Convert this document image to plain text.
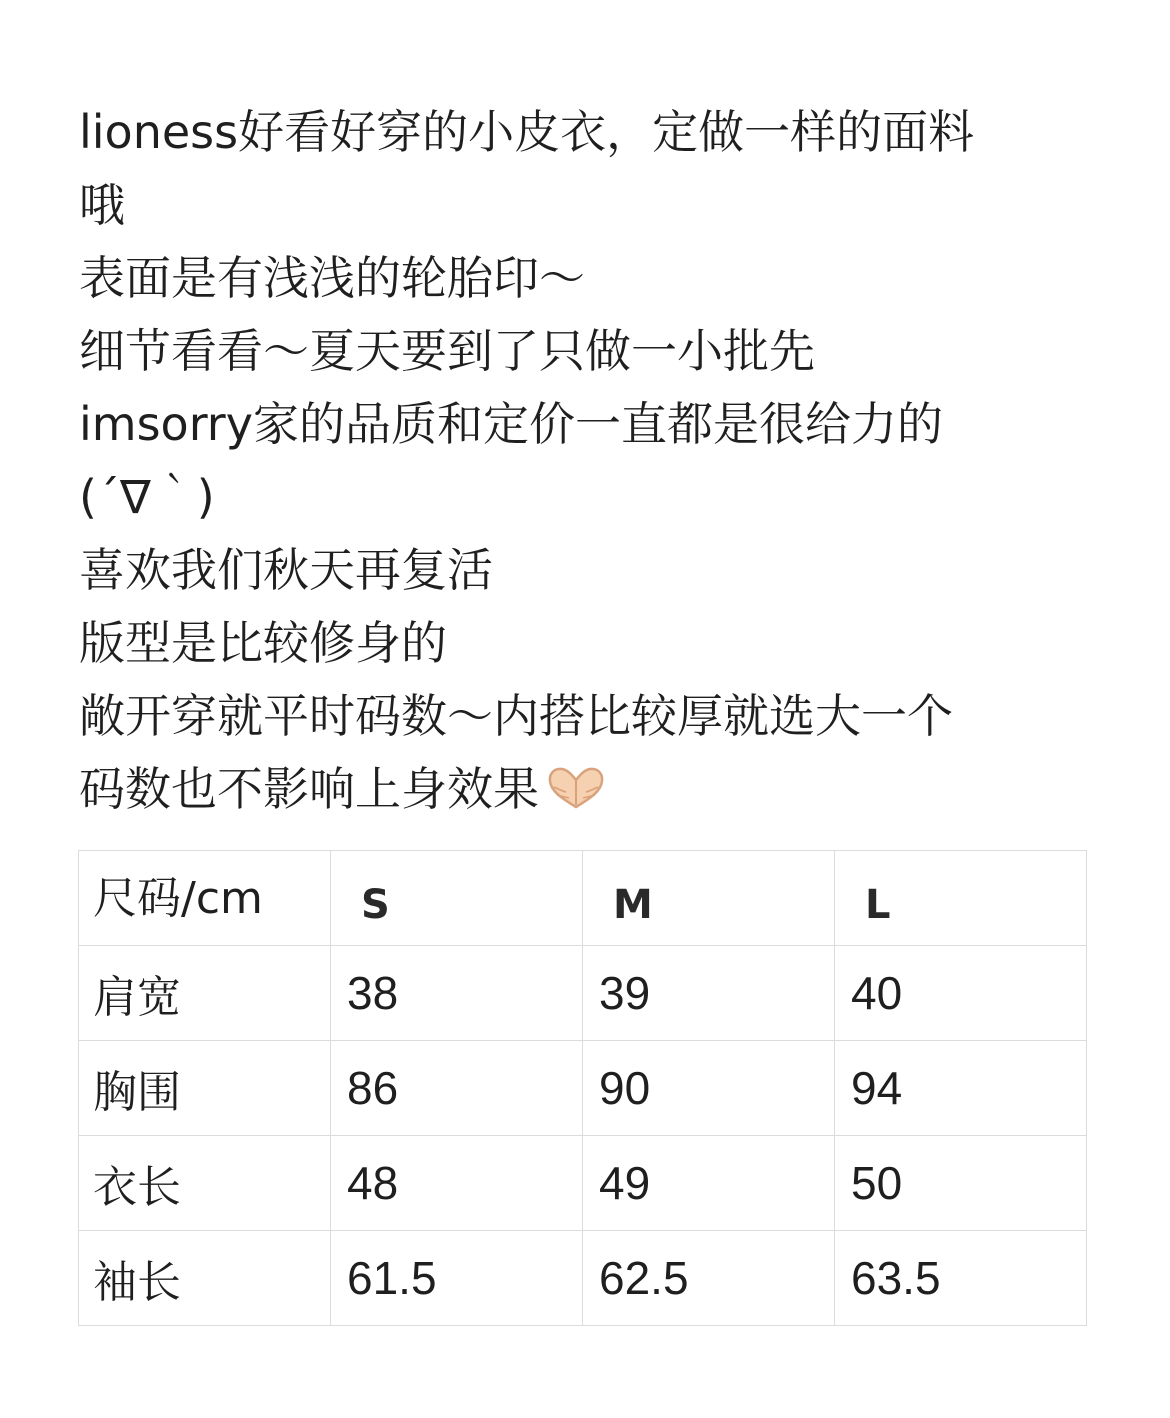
lioness好看好穿的小皮衣，定做一样的面料
哦
表面是有浅浅的轮胎印～
细节看看～夏天要到了只做一小批先
imsorry家的品质和定价一直都是很给力的
(´∇｀)
喜欢我们秋天再复活
版型是比较修身的
敞开穿就平时码数～内搭比较厚就选大一个
码数也不影响上身效果
尺码/cm	S	M	L
肩宽	38	39	40
胸围	86	90	94
衣长	48	49	50
袖长	61.5	62.5	63.5
